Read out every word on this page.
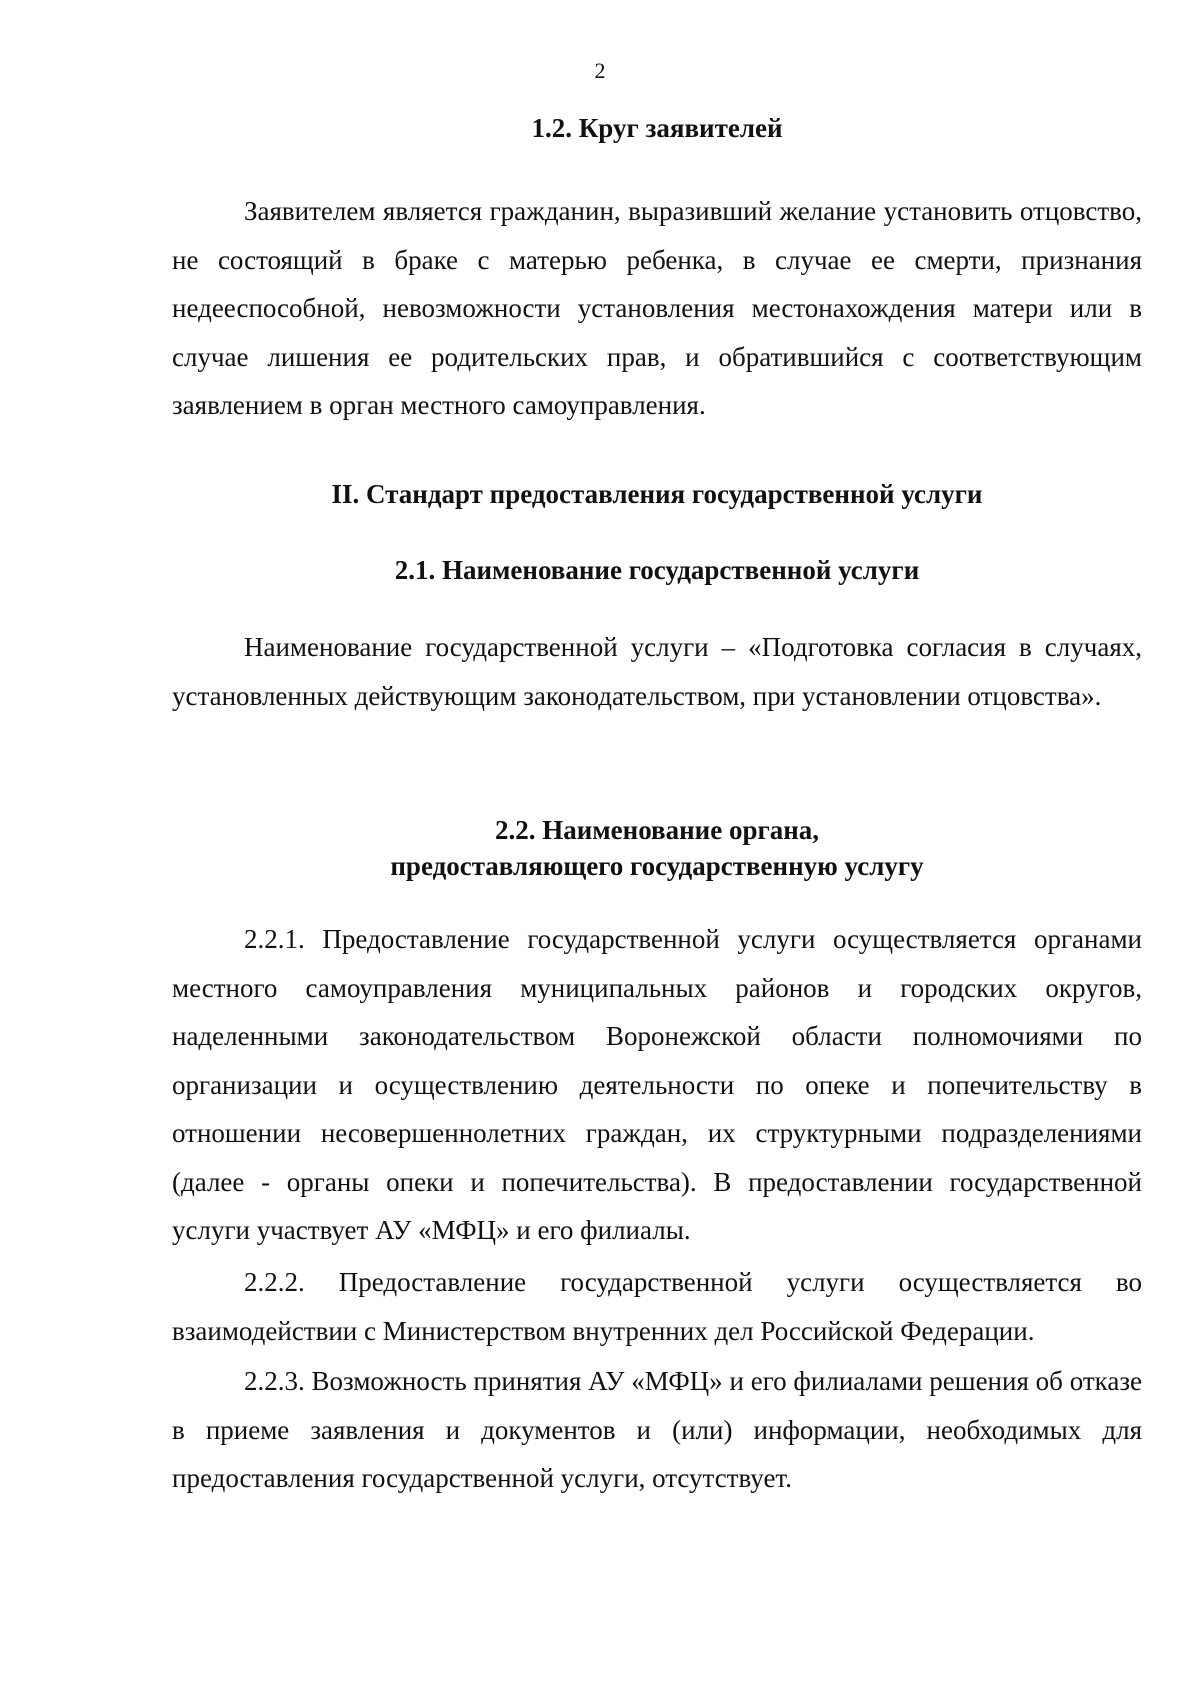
2
1.2. Круг заявителей

Заявителем является гражданин, выразивший желание установить отцовство, не состоящий в браке с матерью ребенка, в случае ее смерти, признания недееспособной, невозможности установления местонахождения матери или в случае лишения ее родительских прав, и обратившийся с соответствующим заявлением в орган местного самоуправления.

II. Стандарт предоставления государственной услуги
2.1. Наименование государственной услуги

Наименование государственной услуги – «Подготовка согласия в случаях, установленных действующим законодательством, при установлении отцовства».

2.2. Наименование органа,
предоставляющего государственную услугу

2.2.1. Предоставление государственной услуги осуществляется органами местного самоуправления муниципальных районов и городских округов, наделенными законодательством Воронежской области полномочиями по организации и осуществлению деятельности по опеке и попечительству в отношении несовершеннолетних граждан, их структурными подразделениями (далее - органы опеки и попечительства). В предоставлении государственной услуги участвует АУ «МФЦ» и его филиалы.

2.2.2. Предоставление государственной услуги осуществляется во взаимодействии с Министерством внутренних дел Российской Федерации.

2.2.3. Возможность принятия АУ «МФЦ» и его филиалами решения об отказе в приеме заявления и документов и (или) информации, необходимых для предоставления государственной услуги, отсутствует.
